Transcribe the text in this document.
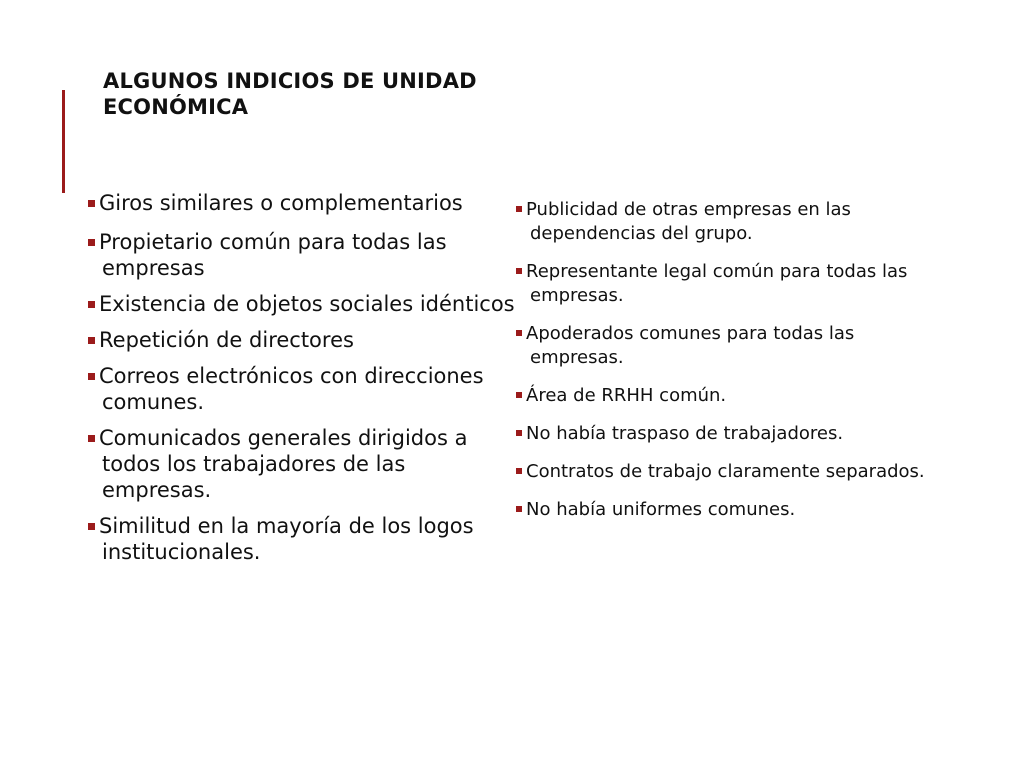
ALGUNOS INDICIOS DE UNIDAD ECONÓMICA
Giros similares o complementarios
Propietario común para todas las empresas
Existencia de objetos sociales idénticos
Repetición de directores
Correos electrónicos con direcciones comunes.
Comunicados generales dirigidos a todos los trabajadores de las empresas.
Similitud en la mayoría de los logos institucionales.
Publicidad de otras empresas en las dependencias del grupo.
Representante legal común para todas las empresas.
Apoderados comunes para todas las empresas.
Área de RRHH común.
No había traspaso de trabajadores.
Contratos de trabajo claramente separados.
No había uniformes comunes.
